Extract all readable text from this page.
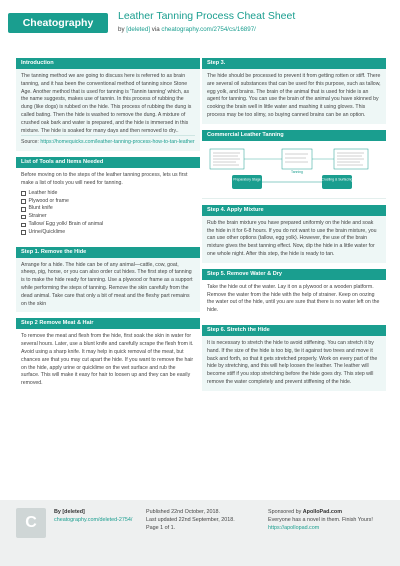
Cheatography
Leather Tanning Process Cheat Sheet
by [deleted] via cheatography.com/2754/cs/16897/
Introduction

The tanning method we are going to discuss here is referred to as brain tanning, and it has been the conventional method of tanning since Stone Age. Another method that is used for tanning is 'Tannin tanning' which, as the name suggests, makes use of tannin. In this process of rubbing the dung (like dogs) is rubbed on the hide. This process of rubbing the dung is called bating. Then the hide is washed to remove the dung. A mixture of crushed oak bark and water is prepared, and the hide is immersed in this mixture. The hide is soaked for many days and then removed to dry..

Source: https://homequicks.com/leather-tanning-process-how-to-tan-leather

List of Tools and Items Needed

Before moving on to the steps of the leather tanning process, lets us first make a list of tools you will need for tanning.

Leather hide
Plywood or frame
Blunt knife
Strainer
Tallow/ Egg yolk/ Brain of animal
Urine/Quicklime
Step 1. Remove the Hide
Arrange for a hide. The hide can be of any animal—cattle, cow, goat, sheep, pig, horse, or you can also order cut hides. The first step of tanning is to make the hide ready for tanning. Use a plywood or frame as a support while performing the steps of tanning. Remove the skin carefully from the dead animal. Take care that only a bit of meat and the fleshy part remains on the skin
Step 2 Remove Meat & Hair
To remove the meat and flesh from the hide, first soak the skin in water for several hours. Later, use a blunt knife and carefully scrape the flesh from it. Avoid using a sharp knife. It may help in quick removal of the meat, but chances are that you may cut apart the hide. If you want to remove the hair on the hide, apply urine or quicklime on the wet surface and rub the surface. This will make it easy for hair to loosen up and they can be easily removed.
Step 3.
The hide should be processed to prevent it from getting rotten or stiff. There are several oil substances that can be used for this purpose, such as tallow, egg yolk, and brains. The brain of the animal that is used for hide is an agent for tanning. You can use the brain of the animal you have skinned by cooking the brain well in little water and mashing it using gloves. This process may be too slimy, so buying canned brains can be an option.
Commercial Leather Tanning
Preparatory Stage
Tanning
Crusting & Surfacing
Step 4. Apply Mixture
Rub the brain mixture you have prepared uniformly on the hide and soak the hide in it for 6-8 hours. If you do not want to use the brain mixture, you can use other options (tallow, egg yolk). However, the use of the brain mixture gives the best tanning effect. Now, dip the hide in a little water for one whole night. After this step, the hide is ready to tan.
Step 5. Remove Water & Dry
Take the hide out of the water. Lay it on a plywood or a wooden platform. Remove the water from the hide with the help of strainer. Keep on oozing the water out of the hide, until you are sure that there is no water left on the hide.
Step 6. Stretch the Hide
It is necessary to stretch the hide to avoid stiffening. You can stretch it by hand. If the size of the hide is too big, tie it against two trees and move it back and forth, so that it gets stretched properly. Work on every part of the hide by stretching, and this will help loosen the leather. The leather will become stiff if you stop stretching before the hide goes dry. This step will remove the water completely and prevent stiffening of the hide.
C
By [deleted]
cheatography.com/deleted-2754/
Published 22nd October, 2018.
Last updated 22nd September, 2018.
Page 1 of 1.
Sponsored by ApolloPad.com
Everyone has a novel in them. Finish Yours!
https://apollopad.com
